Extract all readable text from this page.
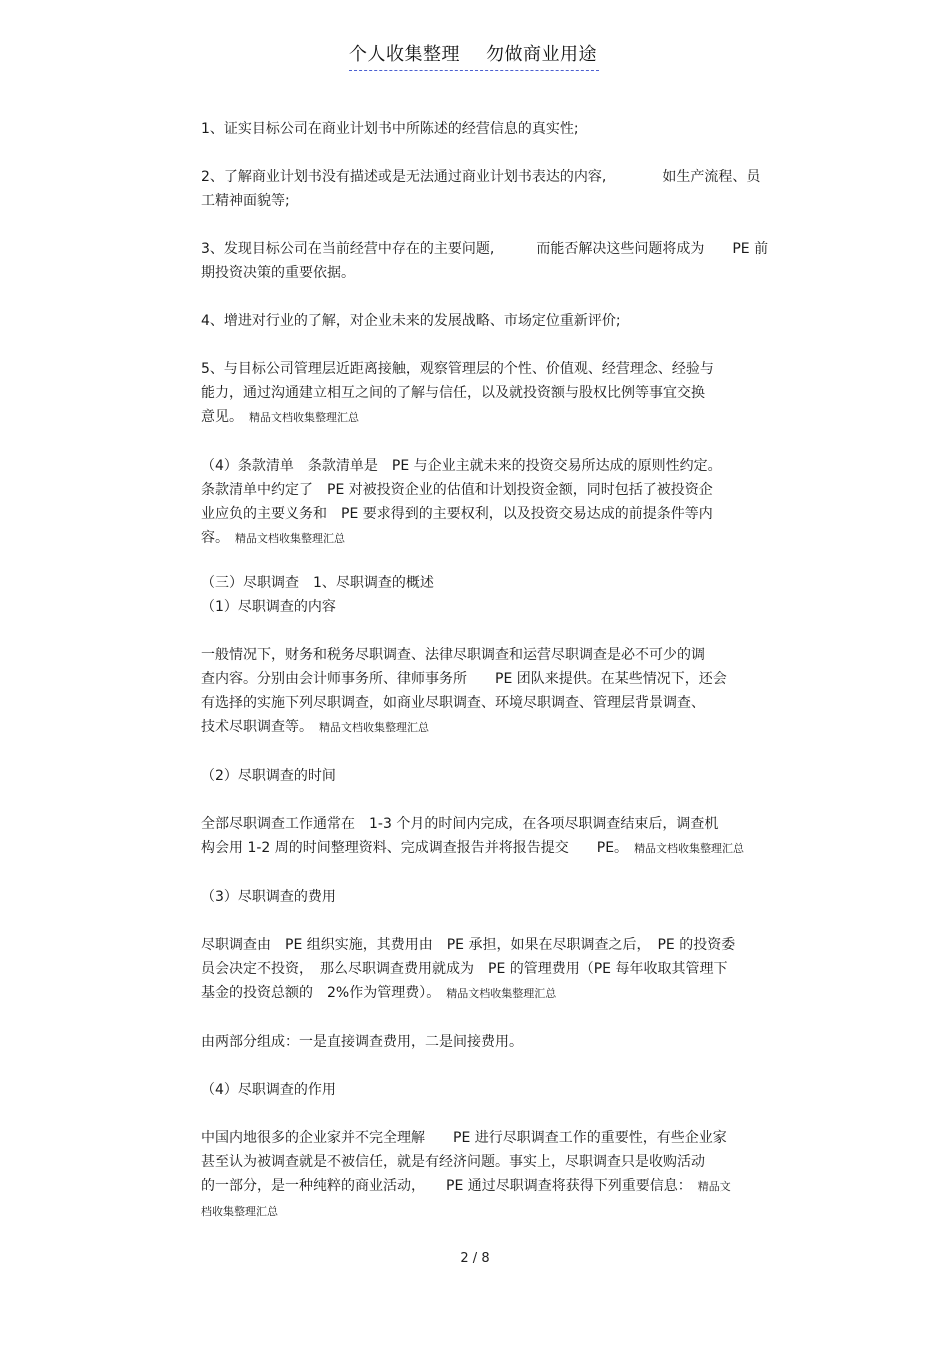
个人收集整理 勿做商业用途

1、证实目标公司在商业计划书中所陈述的经营信息的真实性;

2、了解商业计划书没有描述或是无法通过商业计划书表达的内容,　　　　如生产流程、员
工精神面貌等;

3、发现目标公司在当前经营中存在的主要问题,　　　而能否解决这些问题将成为　　PE 前
期投资决策的重要依据。

4、增进对行业的了解，对企业未来的发展战略、市场定位重新评价;

5、与目标公司管理层近距离接触，观察管理层的个性、价值观、经营理念、经验与
能力，通过沟通建立相互之间的了解与信任，以及就投资额与股权比例等事宜交换
意见。 精品文档收集整理汇总

（4）条款清单　条款清单是　PE 与企业主就未来的投资交易所达成的原则性约定。
条款清单中约定了　PE 对被投资企业的估值和计划投资金额，同时包括了被投资企
业应负的主要义务和　PE 要求得到的主要权利，以及投资交易达成的前提条件等内
容。 精品文档收集整理汇总

（三）尽职调查　1、尽职调查的概述

（1）尽职调查的内容

一般情况下，财务和税务尽职调查、法律尽职调查和运营尽职调查是必不可少的调
查内容。分别由会计师事务所、律师事务所　　PE 团队来提供。在某些情况下，还会
有选择的实施下列尽职调查，如商业尽职调查、环境尽职调查、管理层背景调查、
技术尽职调查等。 精品文档收集整理汇总

（2）尽职调查的时间

全部尽职调查工作通常在　1-3 个月的时间内完成，在各项尽职调查结束后，调查机
构会用 1-2 周的时间整理资料、完成调查报告并将报告提交　　PE。 精品文档收集整理汇总

（3）尽职调查的费用

尽职调查由　PE 组织实施，其费用由　PE 承担，如果在尽职调查之后，　PE 的投资委
员会决定不投资，　那么尽职调查费用就成为　PE 的管理费用（PE 每年收取其管理下
基金的投资总额的　2%作为管理费）。 精品文档收集整理汇总

由两部分组成：一是直接调查费用，二是间接费用。

（4）尽职调查的作用

中国内地很多的企业家并不完全理解　　PE 进行尽职调查工作的重要性，有些企业家
甚至认为被调查就是不被信任，就是有经济问题。事实上，尽职调查只是收购活动
的一部分，是一种纯粹的商业活动，　　PE 通过尽职调查将获得下列重要信息： 精品文
档收集整理汇总

2 / 8
